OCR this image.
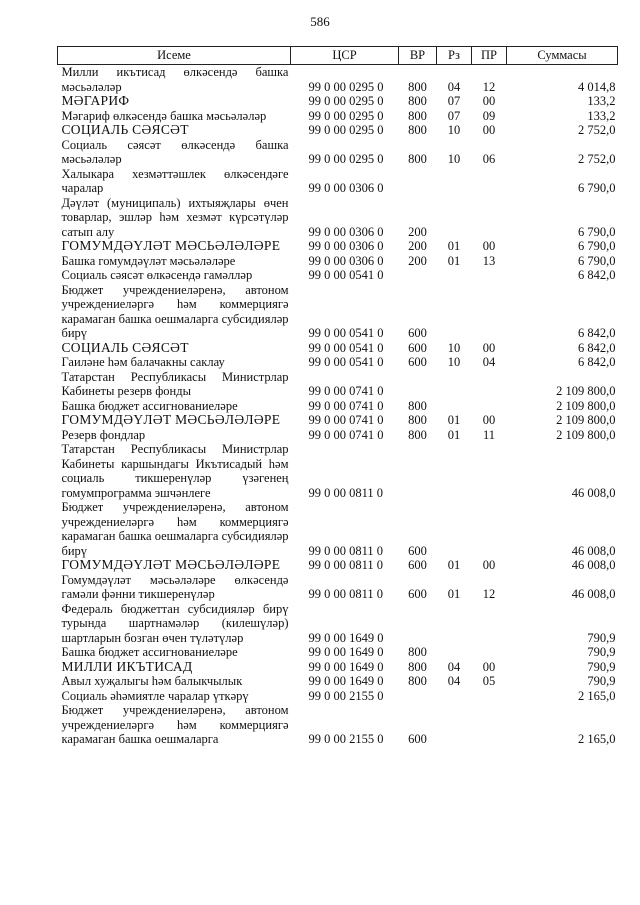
586
Исеме	ЦСР	ВР	Рз	ПР	Суммасы
Милли икътисад өлкәсендә башка мәсьәләләр	99 0 00 0295 0	800	04	12	4 014,8
МӘГАРИФ	99 0 00 0295 0	800	07	00	133,2
Мәгариф өлкәсендә башка мәсьәләләр	99 0 00 0295 0	800	07	09	133,2
СОЦИАЛЬ СӘЯСӘТ	99 0 00 0295 0	800	10	00	2 752,0
Социаль сәясәт өлкәсендә башка мәсьәләләр	99 0 00 0295 0	800	10	06	2 752,0
Халыкара хезмәттәшлек өлкәсендәге чаралар	99 0 00 0306 0				6 790,0
Дәүләт (муниципаль) ихтыяҗлары өчен товарлар, эшләр һәм хезмәт күрсәтүләр сатып алу	99 0 00 0306 0	200			6 790,0
ГОМУМДӘҮЛӘТ МӘСЬӘЛӘЛӘРЕ	99 0 00 0306 0	200	01	00	6 790,0
Башка гомумдәүләт мәсьәләләре	99 0 00 0306 0	200	01	13	6 790,0
Социаль сәясәт өлкәсендә гамәлләр	99 0 00 0541 0				6 842,0
Бюджет учреждениеләренә, автоном учреждениеләргә һәм коммерциягә карамаган башка оешмаларга субсидияләр бирү	99 0 00 0541 0	600			6 842,0
СОЦИАЛЬ СӘЯСӘТ	99 0 00 0541 0	600	10	00	6 842,0
Гаиләне һәм балачакны саклау	99 0 00 0541 0	600	10	04	6 842,0
Татарстан Республикасы Министрлар Кабинеты резерв фонды	99 0 00 0741 0				2 109 800,0
Башка бюджет ассигнованиеләре	99 0 00 0741 0	800			2 109 800,0
ГОМУМДӘҮЛӘТ МӘСЬӘЛӘЛӘРЕ	99 0 00 0741 0	800	01	00	2 109 800,0
Резерв фондлар	99 0 00 0741 0	800	01	11	2 109 800,0
Татарстан Республикасы Министрлар Кабинеты каршындагы Икътисадый һәм социаль тикшеренүләр үзәгенең гомумпрограмма эшчәнлеге	99 0 00 0811 0				46 008,0
Бюджет учреждениеләренә, автоном учреждениеләргә һәм коммерциягә карамаган башка оешмаларга субсидияләр бирү	99 0 00 0811 0	600			46 008,0
ГОМУМДӘҮЛӘТ МӘСЬӘЛӘЛӘРЕ	99 0 00 0811 0	600	01	00	46 008,0
Гомумдәүләт мәсьәләләре өлкәсендә гамәли фәнни тикшеренүләр	99 0 00 0811 0	600	01	12	46 008,0
Федераль бюджеттан субсидияләр бирү турында шартнамәләр (килешүләр) шартларын бозган өчен түләтүләр	99 0 00 1649 0				790,9
Башка бюджет ассигнованиеләре	99 0 00 1649 0	800			790,9
МИЛЛИ ИКЪТИСАД	99 0 00 1649 0	800	04	00	790,9
Авыл хуҗалыгы һәм балыкчылык	99 0 00 1649 0	800	04	05	790,9
Социаль әһәмиятле чаралар үткәрү	99 0 00 2155 0				2 165,0
Бюджет учреждениеләренә, автоном учреждениеләргә һәм коммерциягә карамаган башка оешмаларга	99 0 00 2155 0	600			2 165,0
